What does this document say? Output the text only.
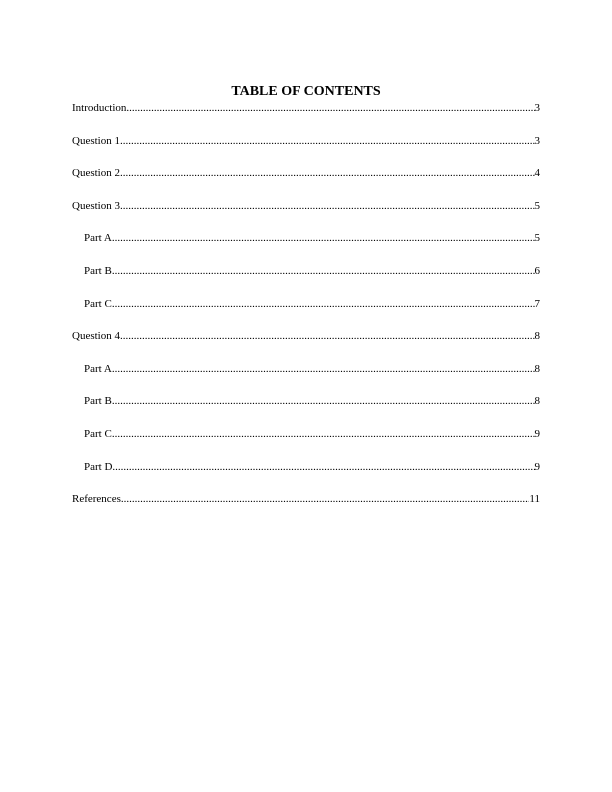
TABLE OF CONTENTS
Introduction .....	3
Question 1 .....	3
Question 2 .....	4
Question 3 .....	5
Part A .....	5
Part B .....	6
Part C .....	7
Question 4 .....	8
Part A .....	8
Part B .....	8
Part C .....	9
Part D .....	9
References .....	11
